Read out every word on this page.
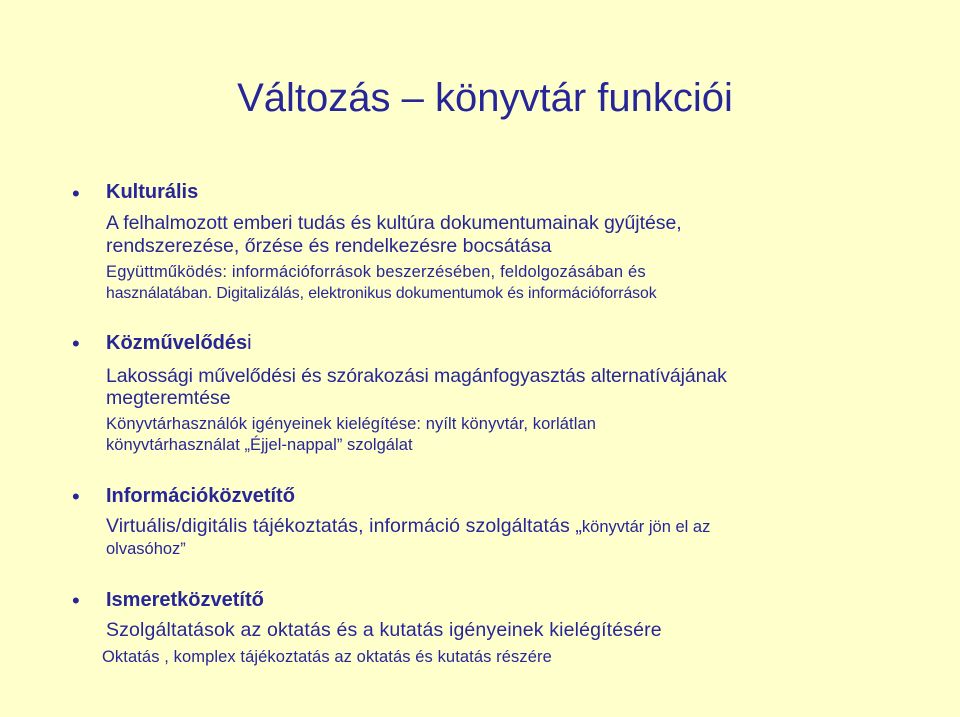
Változás – könyvtár funkciói
• Kulturális
A felhalmozott emberi tudás és kultúra dokumentumainak gyűjtése,
rendszerezése, őrzése és rendelkezésre bocsátása
Együttműködés: információforrások beszerzésében, feldolgozásában és
használatában. Digitalizálás, elektronikus dokumentumok és információforrások
• Közművelődési
Lakossági művelődési és szórakozási magánfogyasztás alternatívájának
megteremtése
Könyvtárhasználók igényeinek kielégítése: nyílt könyvtár, korlátlan
könyvtárhasználat „Éjjel-nappal” szolgálat
• Információközvetítő
Virtuális/digitális tájékoztatás, információ szolgáltatás „könyvtár jön el az
olvasóhoz”
• Ismeretközvetítő
Szolgáltatások az oktatás és a kutatás igényeinek kielégítésére
Oktatás , komplex tájékoztatás az oktatás és kutatás részére
